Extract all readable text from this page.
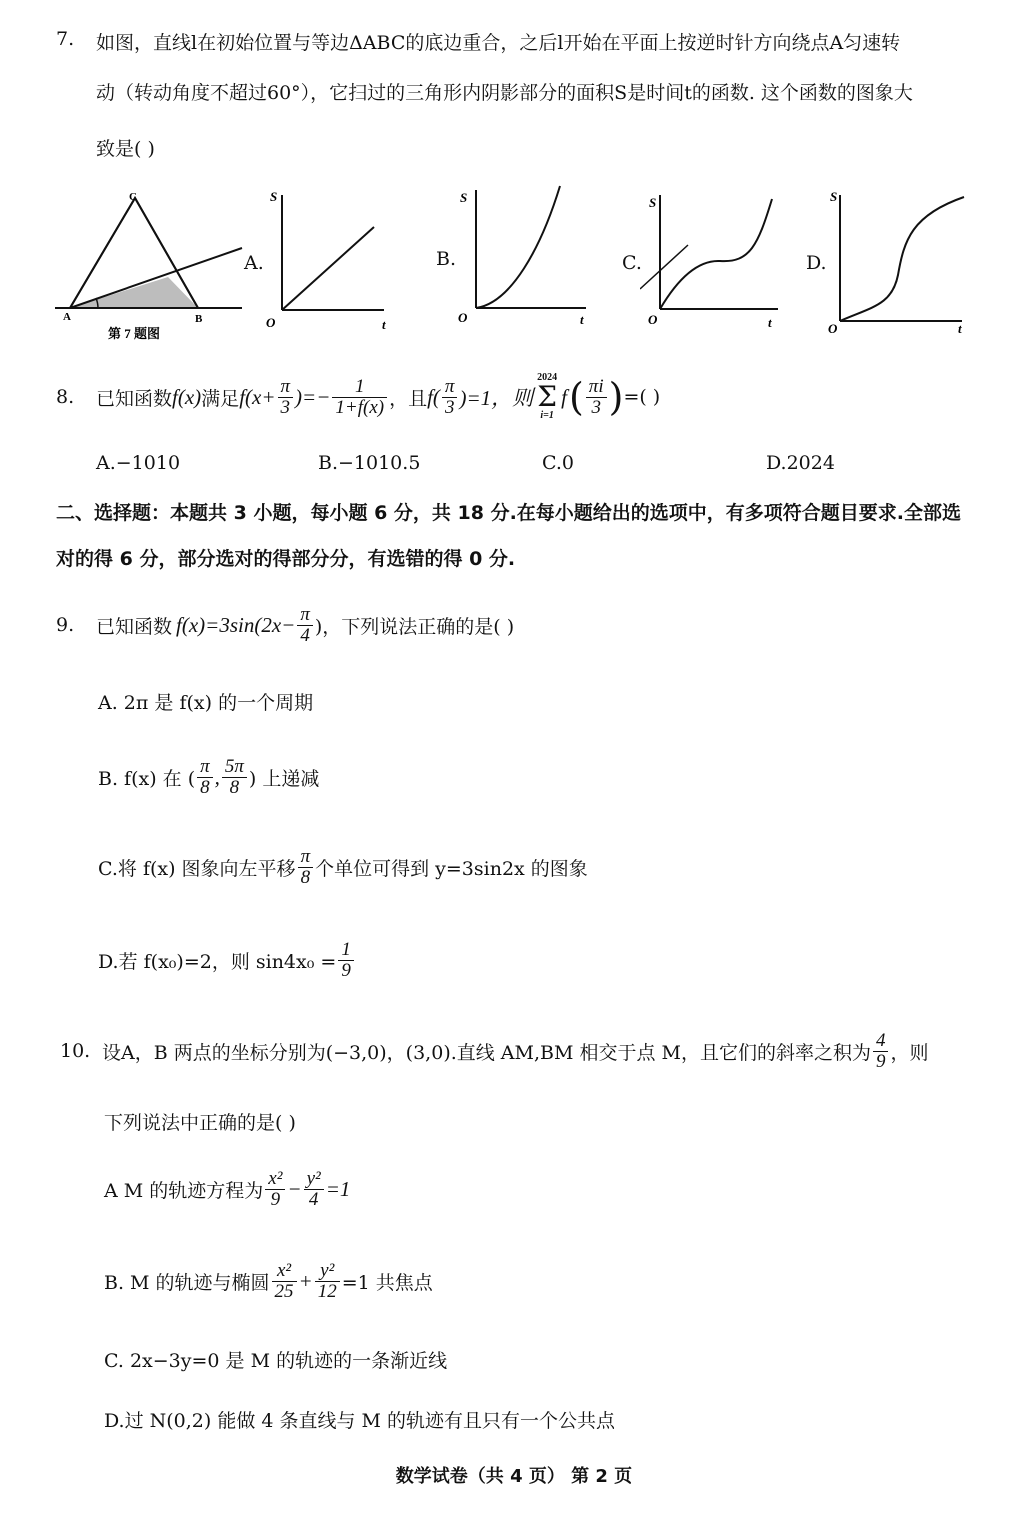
7. 如图，直线l在初始位置与等边ΔABC的底边重合，之后l开始在平面上按逆时针方向绕点A匀速转
动（转动角度不超过60°），它扫过的三角形内阴影部分的面积S是时间t的函数. 这个函数的图象大
致是( )
C
A	B
第 7 题图
A.
S
O	t
B.
S
O	t
C.
S
O	t
D.
S
O	t
8. 已知函数 f(x) 满足 $f(x+ \frac{\pi}{3}$ )=− $\frac{1}{1+f(x)}$ ，且 $f( \frac{\pi}{3} )=1$，则
2024
Σ
i=1
f ( $\frac{\pi i}{3}$ ) =( )
A.−1010	B.−1010.5	C.0	D.2024
二、选择题：本题共 3 小题，每小题 6 分，共 18 分.在每小题给出的选项中，有多项符合题目要求.全部选
对的得 6 分，部分选对的得部分分，有选错的得 0 分.
9. 已知函数 $f(x)=3\sin(2x- \frac{\pi}{4}$ )，下列说法正确的是( )
A. 2π 是 f(x) 的一个周期
B. f(x) 在 ( $\frac{\pi}{8}$ , $\frac{5\pi}{8}$ ) 上递减
C.将 f(x) 图象向左平移 $\frac{\pi}{8}$ 个单位可得到 y=3sin2x 的图象
D.若 f(x₀)=2，则 $\sin 4x_0 = \frac{1}{9}$
10. 设A，B 两点的坐标分别为(−3,0)，(3,0).直线 AM,BM 相交于点 M，且它们的斜率之积为 $\frac{4}{9}$ ，则
下列说法中正确的是( )
A M 的轨迹方程为 $\frac{\text{x²}}{9} - \frac{\text{y²}}{4} =1$
B. M 的轨迹与椭圆 $\frac{\text{x²}}{25} + \frac{\text{y²}}{12} =1$ 共焦点
C. 2x−3y=0 是 M 的轨迹的一条渐近线
D.过 N(0,2) 能做 4 条直线与 M 的轨迹有且只有一个公共点
数学试卷（共 4 页） 第 2 页
